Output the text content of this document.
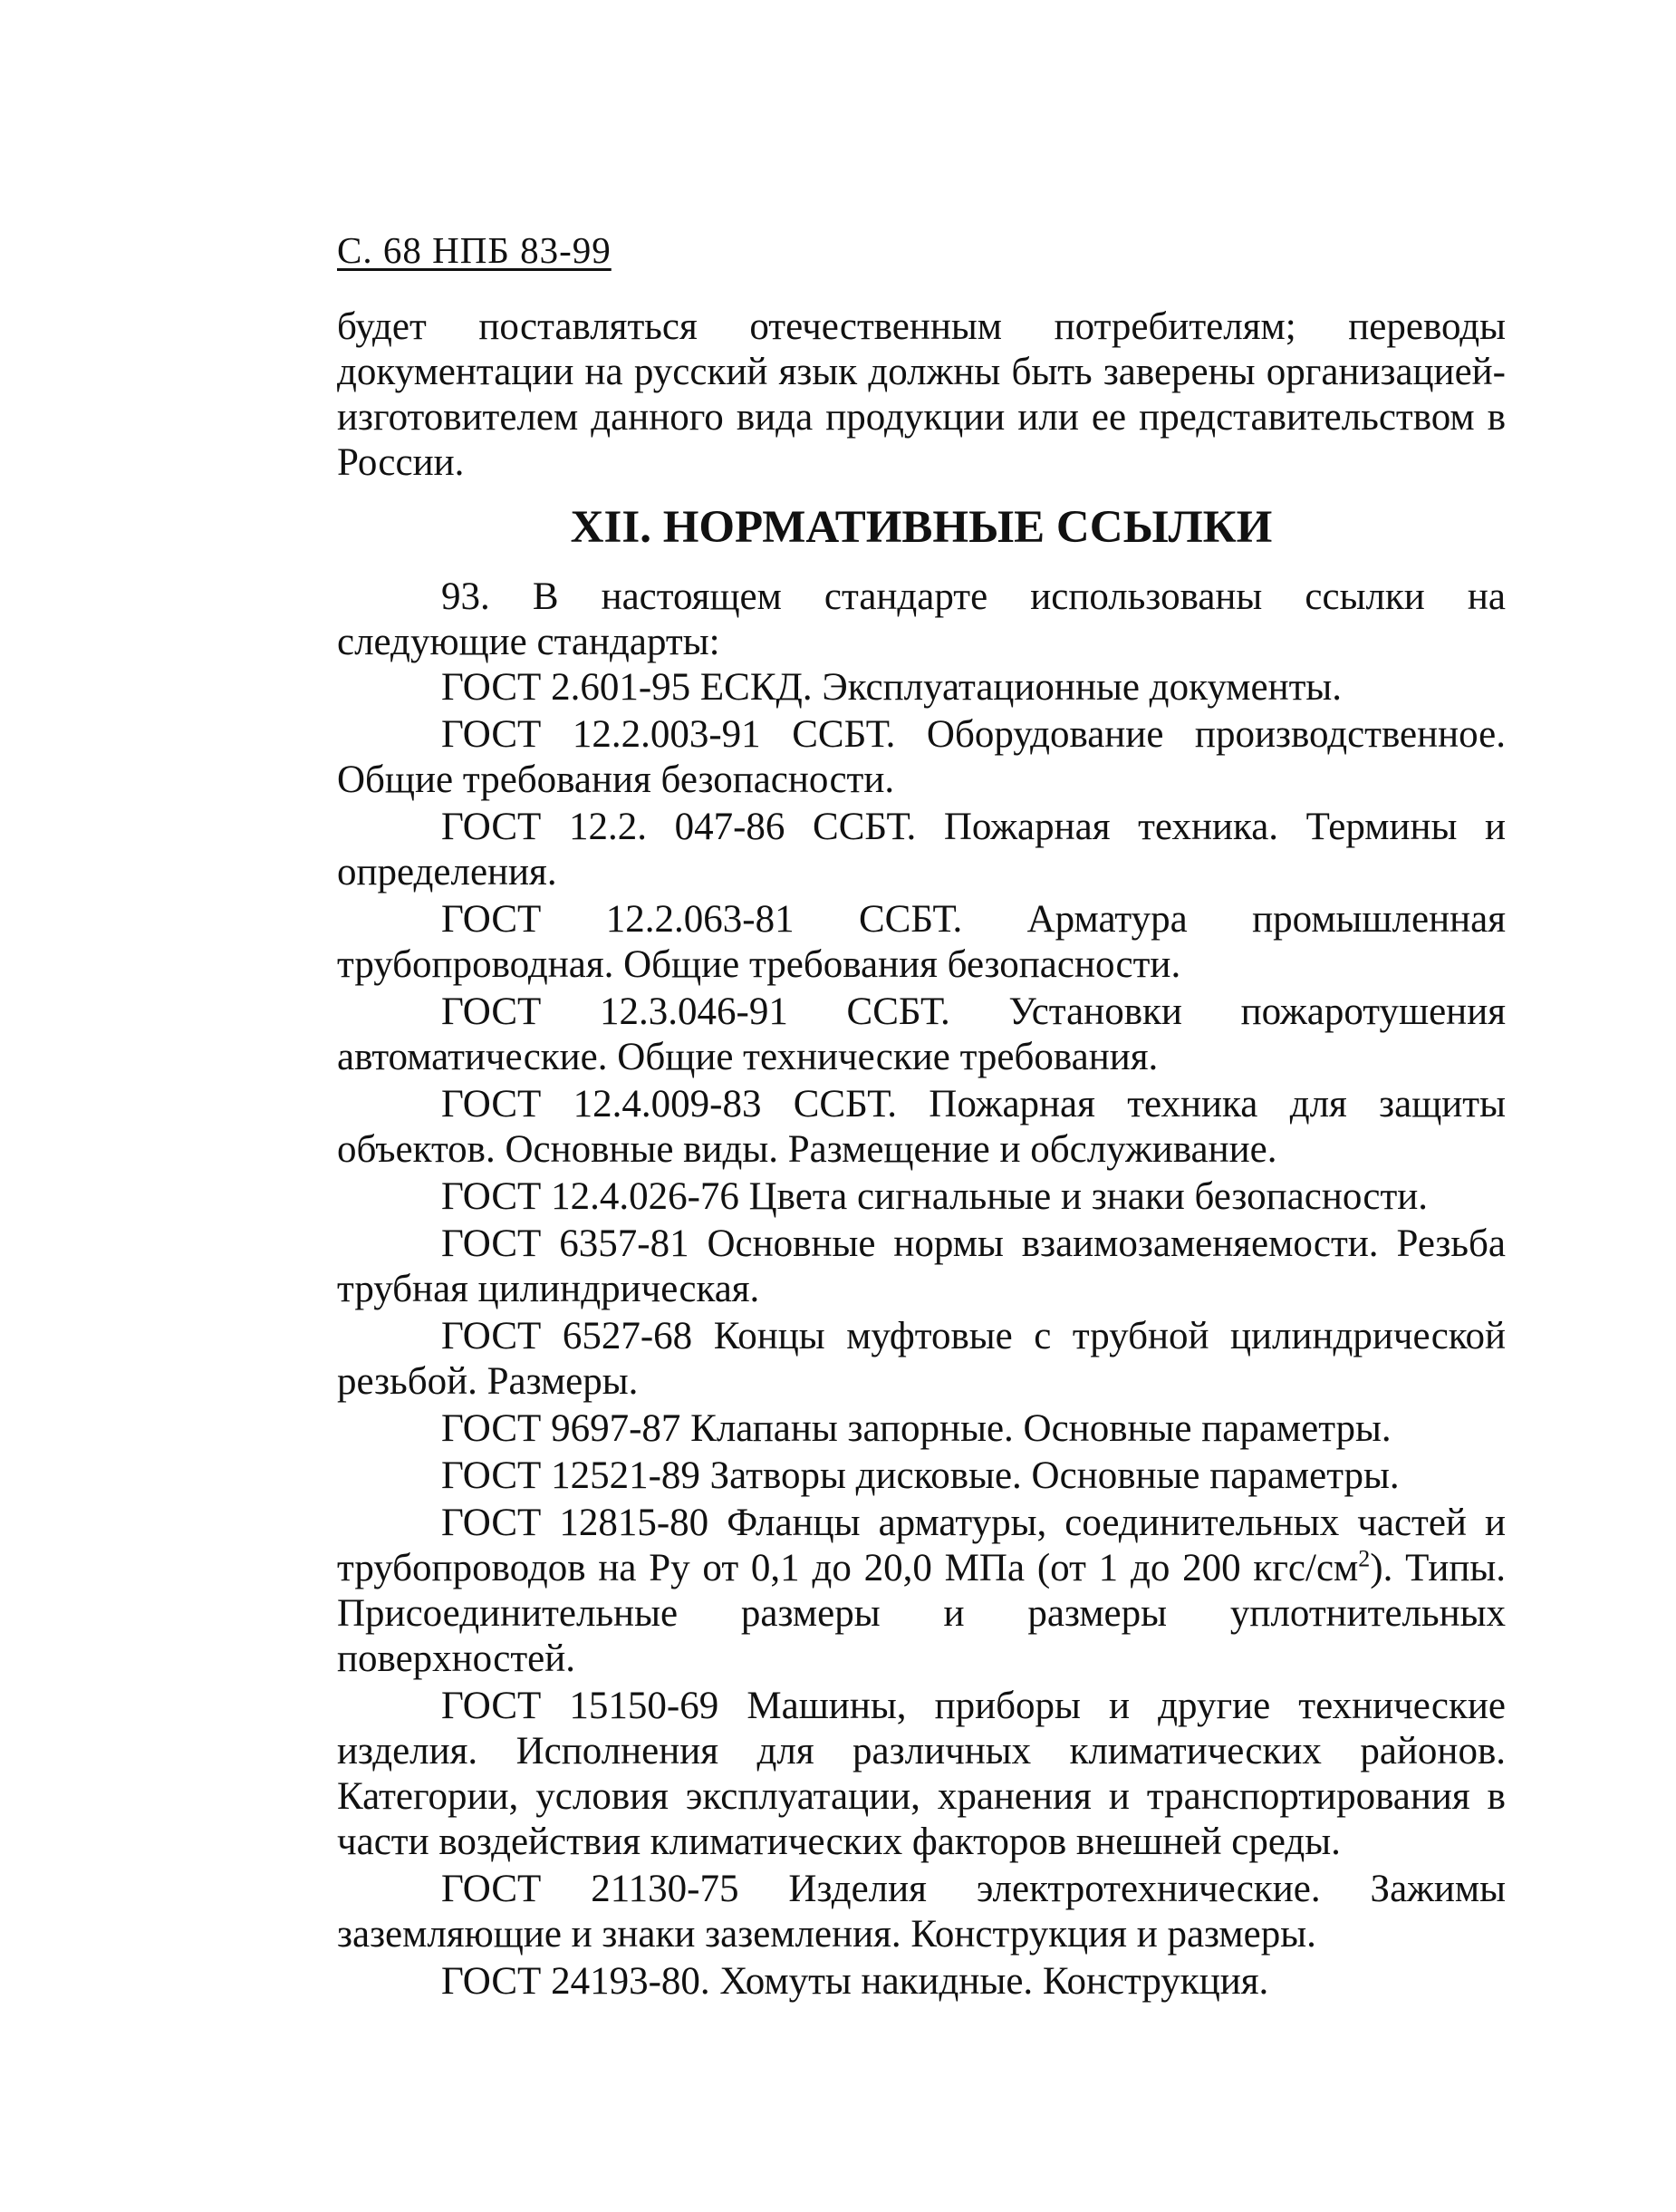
С. 68 НПБ 83-99

будет поставляться отечественным потребителям; переводы документации на русский язык должны быть заверены организацией-изготовителем данного вида продукции или ее представительством в России.

XII. НОРМАТИВНЫЕ ССЫЛКИ

93. В настоящем стандарте использованы ссылки на следующие стандарты:

ГОСТ 2.601-95 ЕСКД. Эксплуатационные документы.

ГОСТ 12.2.003-91 ССБТ. Оборудование производственное. Общие требования безопасности.

ГОСТ 12.2. 047-86 ССБТ. Пожарная техника. Термины и определения.

ГОСТ 12.2.063-81 ССБТ. Арматура промышленная трубопроводная. Общие требования безопасности.

ГОСТ 12.3.046-91 ССБТ. Установки пожаротушения автоматические. Общие технические требования.

ГОСТ 12.4.009-83 ССБТ. Пожарная техника для защиты объектов. Основные виды. Размещение и обслуживание.

ГОСТ 12.4.026-76 Цвета сигнальные и знаки безопасности.

ГОСТ 6357-81 Основные нормы взаимозаменяемости. Резьба трубная цилиндрическая.

ГОСТ 6527-68 Концы муфтовые с трубной цилиндрической резьбой. Размеры.

ГОСТ 9697-87 Клапаны запорные. Основные параметры.

ГОСТ 12521-89 Затворы дисковые. Основные параметры.

ГОСТ 12815-80 Фланцы арматуры, соединительных частей и трубопроводов на Ру от 0,1 до 20,0 МПа (от 1 до 200 кгс/$см^2$). Типы. Присоединительные размеры и размеры уплотнительных поверхностей.

ГОСТ 15150-69 Машины, приборы и другие технические изделия. Исполнения для различных климатических районов. Категории, условия эксплуатации, хранения и транспортирования в части воздействия климатических факторов внешней среды.

ГОСТ 21130-75 Изделия электротехнические. Зажимы заземляющие и знаки заземления. Конструкция и размеры.

ГОСТ 24193-80. Хомуты накидные. Конструкция.
